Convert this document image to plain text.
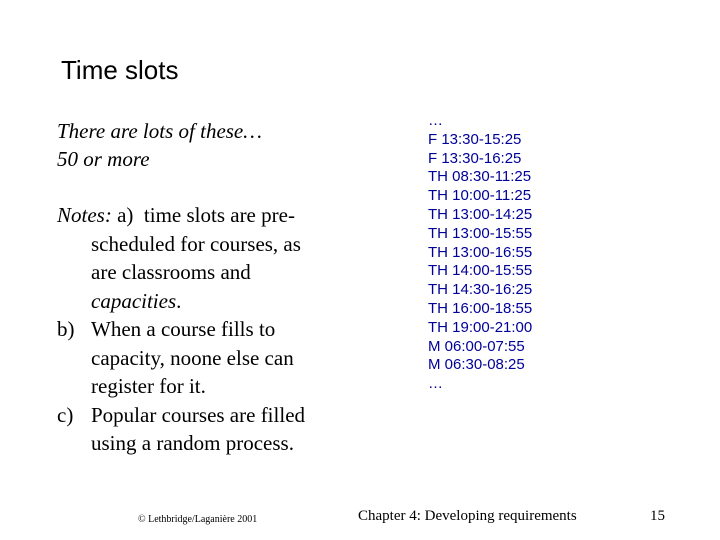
Time slots
There are lots of these…
50 or more
Notes:
a)
time slots are pre-
scheduled for courses, as
are classrooms and
capacities.
b) When a course fills to
capacity, noone else can
register for it.
c) Popular courses are filled
using a random process.
…
F 13:30-15:25
F 13:30-16:25
TH 08:30-11:25
TH 10:00-11:25
TH 13:00-14:25
TH 13:00-15:55
TH 13:00-16:55
TH 14:00-15:55
TH 14:30-16:25
TH 16:00-18:55
TH 19:00-21:00
M 06:00-07:55
M 06:30-08:25
…
© Lethbridge/Laganière 2001	Chapter 4: Developing requirements	15
